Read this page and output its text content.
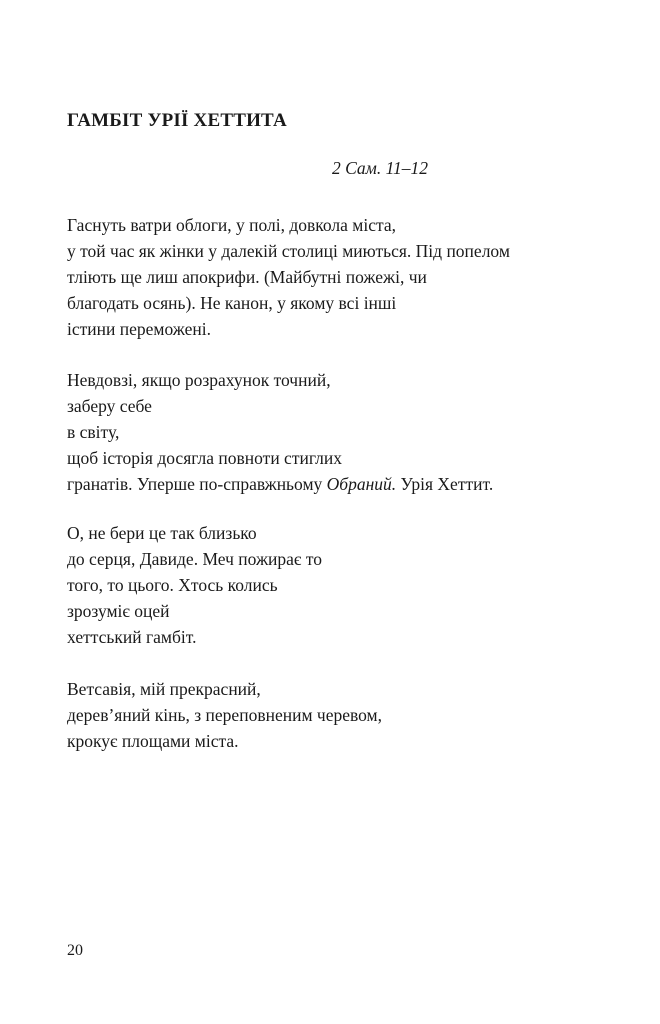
ГАМБІТ УРІЇ ХЕТТИТА

2 Сам. 11–12

Гаснуть ватри облоги, у полі, довкола міста,
у той час як жінки у далекій столиці миються. Під попелом
тліють ще лиш апокрифи. (Майбутні пожежі, чи
благодать осянь). Не канон, у якому всі інші
істини переможені.

Невдовзі, якщо розрахунок точний,
заберу себе
в світу,
щоб історія досягла повноти стиглих
гранатів. Уперше по-справжньому Обраний. Урія Хеттит.

О, не бери це так близько
до серця, Давиде. Меч пожирає то
того, то цього. Хтось колись
зрозуміє оцей
хеттський гамбіт.

Ветсавія, мій прекрасний,
дерев’яний кінь, з переповненим черевом,
крокує площами міста.

20
